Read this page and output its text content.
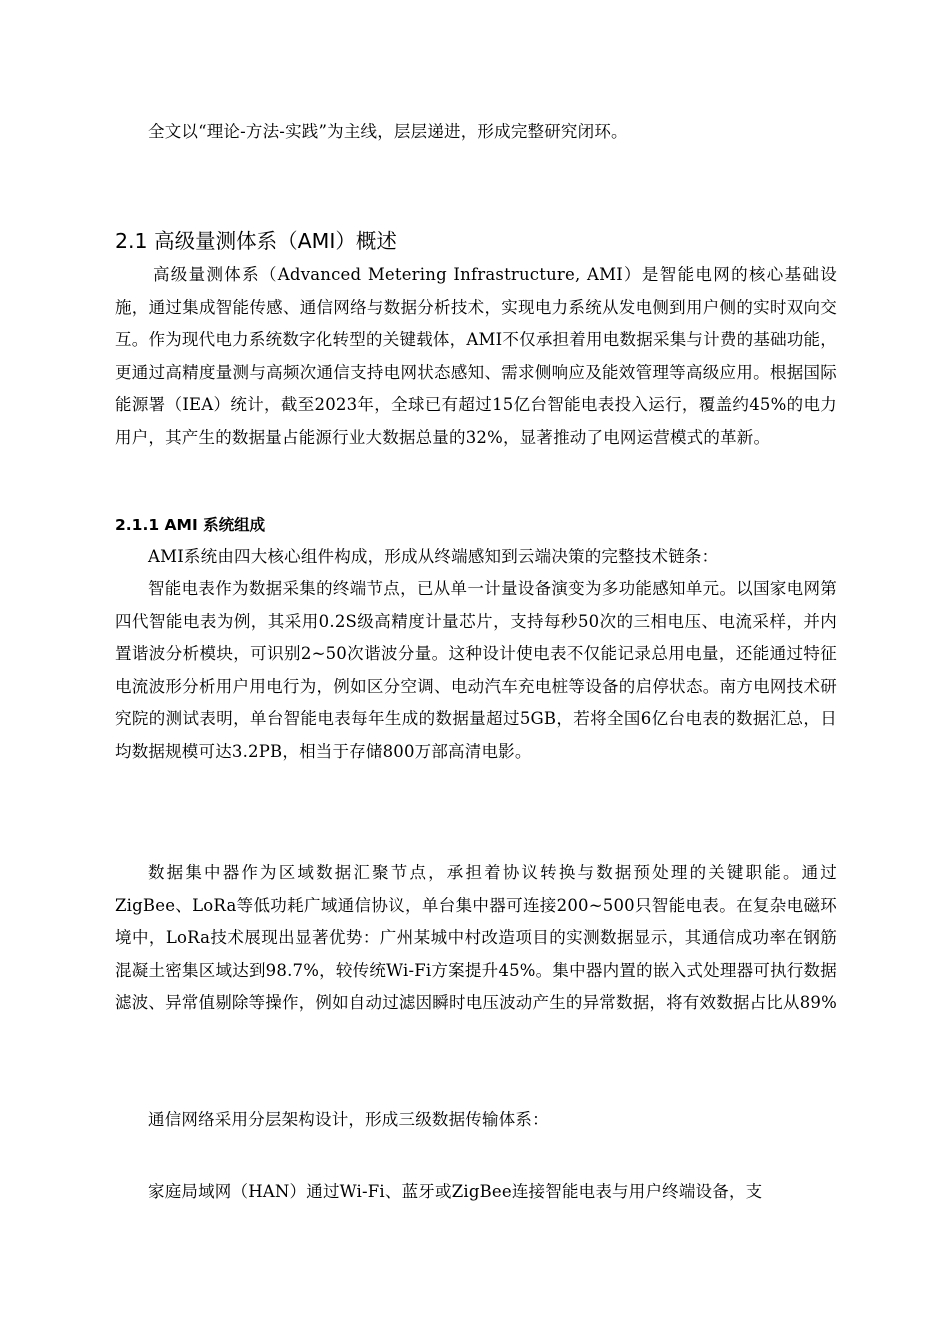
全文以“理论-方法-实践”为主线，层层递进，形成完整研究闭环。

2.1 高级量测体系（AMI）概述

高级量测体系（Advanced Metering Infrastructure, AMI）是智能电网的核心基础设施，通过集成智能传感、通信网络与数据分析技术，实现电力系统从发电侧到用户侧的实时双向交互。作为现代电力系统数字化转型的关键载体，AMI不仅承担着用电数据采集与计费的基础功能，更通过高精度量测与高频次通信支持电网状态感知、需求侧响应及能效管理等高级应用。根据国际能源署（IEA）统计，截至2023年，全球已有超过15亿台智能电表投入运行，覆盖约45%的电力用户，其产生的数据量占能源行业大数据总量的32%，显著推动了电网运营模式的革新。

2.1.1 AMI 系统组成

AMI系统由四大核心组件构成，形成从终端感知到云端决策的完整技术链条：

智能电表作为数据采集的终端节点，已从单一计量设备演变为多功能感知单元。以国家电网第四代智能电表为例，其采用0.2S级高精度计量芯片，支持每秒50次的三相电压、电流采样，并内置谐波分析模块，可识别2~50次谐波分量。这种设计使电表不仅能记录总用电量，还能通过特征电流波形分析用户用电行为，例如区分空调、电动汽车充电桩等设备的启停状态。南方电网技术研究院的测试表明，单台智能电表每年生成的数据量超过5GB，若将全国6亿台电表的数据汇总，日均数据规模可达3.2PB，相当于存储800万部高清电影。

数据集中器作为区域数据汇聚节点，承担着协议转换与数据预处理的关键职能。通过ZigBee、LoRa等低功耗广域通信协议，单台集中器可连接200~500只智能电表。在复杂电磁环境中，LoRa技术展现出显著优势：广州某城中村改造项目的实测数据显示，其通信成功率在钢筋混凝土密集区域达到98.7%，较传统Wi-Fi方案提升45%。集中器内置的嵌入式处理器可执行数据滤波、异常值剔除等操作，例如自动过滤因瞬时电压波动产生的异常数据，将有效数据占比从89%

通信网络采用分层架构设计，形成三级数据传输体系：

家庭局域网（HAN）通过Wi-Fi、蓝牙或ZigBee连接智能电表与用户终端设备，支
